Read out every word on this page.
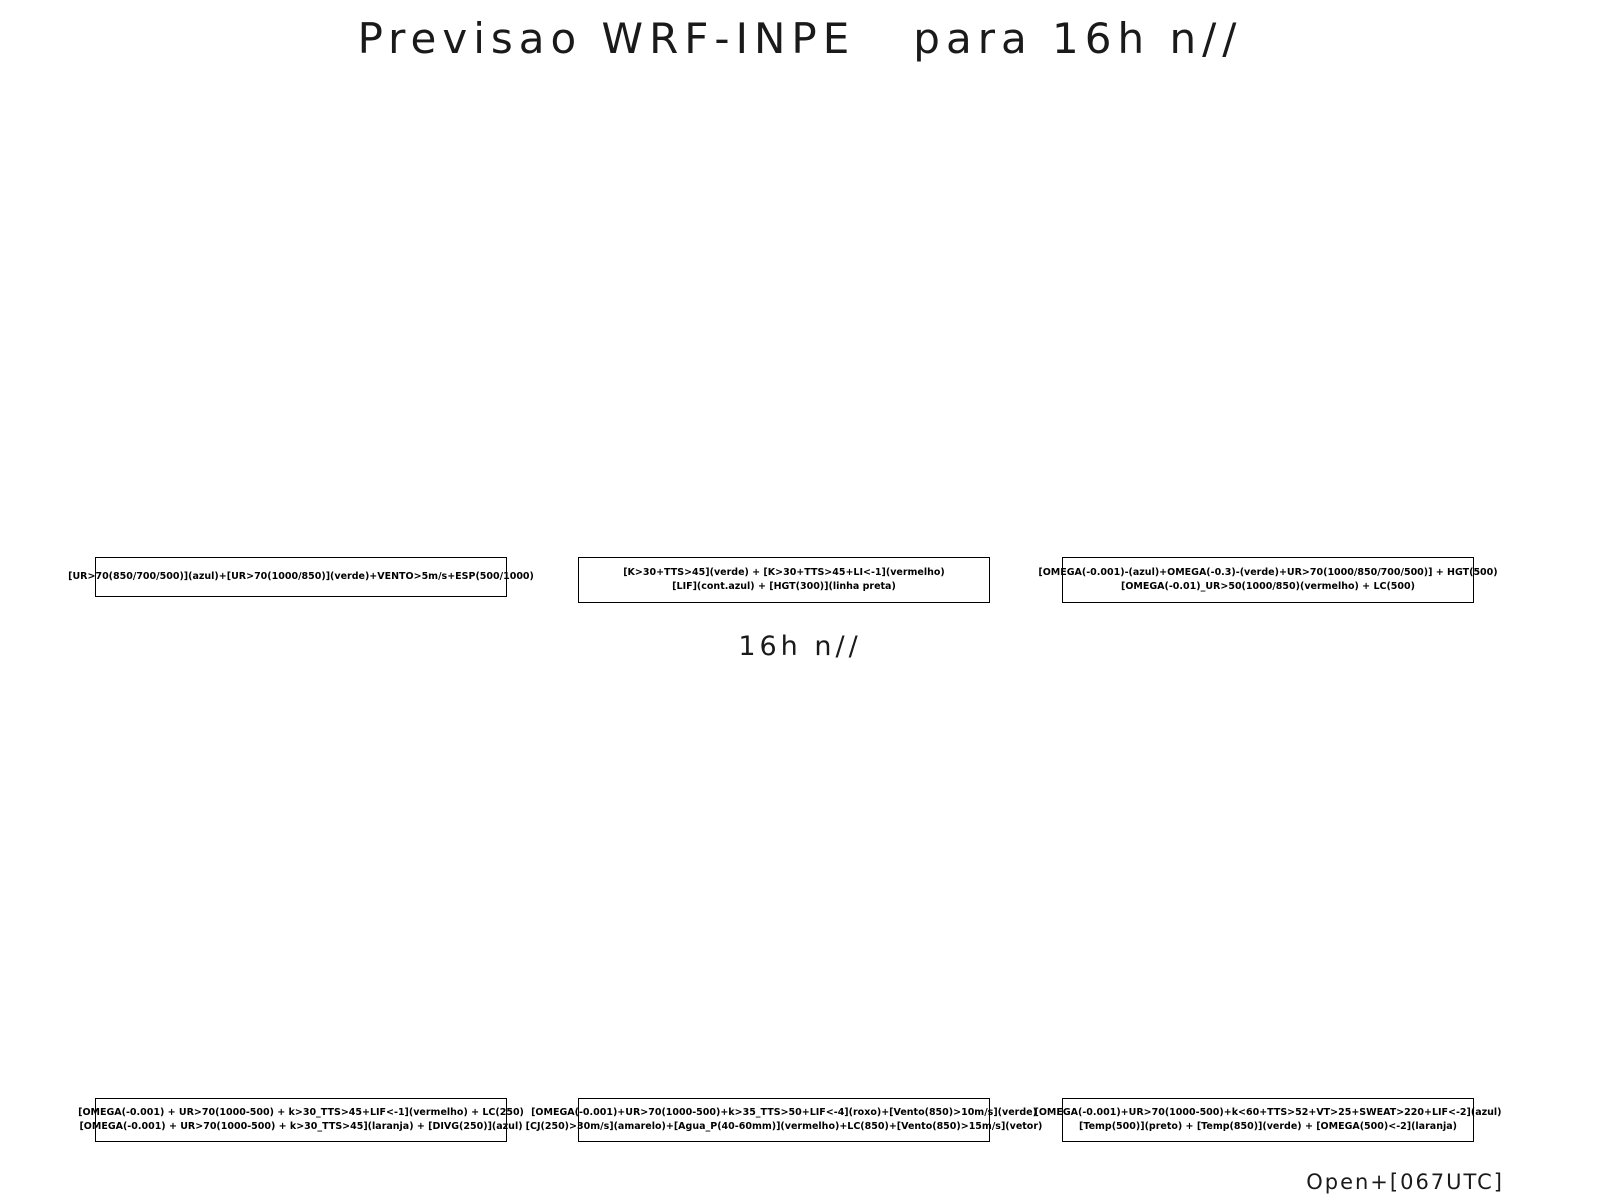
Previsao WRF-INPE   para 16h n//
[UR>70(850/700/500)](azul)+[UR>70(1000/850)](verde)+VENTO>5m/s+ESP(500/1000)	[K>30+TTS>45](verde) + [K>30+TTS>45+LI<-1](vermelho)
[LIF](cont.azul) + [HGT(300)](linha preta)
[OMEGA(-0.001)-(azul)+OMEGA(-0.3)-(verde)+UR>70(1000/850/700/500)] + HGT(500)
[OMEGA(-0.01)_UR>50(1000/850)(vermelho) + LC(500)
16h n//
[OMEGA(-0.001) + UR>70(1000-500) + k>30_TTS>45+LIF<-1](vermelho) + LC(250)
[OMEGA(-0.001) + UR>70(1000-500) + k>30_TTS>45](laranja) + [DIVG(250)](azul)
[OMEGA(-0.001)+UR>70(1000-500)+k>35_TTS>50+LIF<-4](roxo)+[Vento(850)>10m/s](verde)
[CJ(250)>30m/s](amarelo)+[Agua_P(40-60mm)](vermelho)+LC(850)+[Vento(850)>15m/s](vetor)
[OMEGA(-0.001)+UR>70(1000-500)+k<60+TTS>52+VT>25+SWEAT>220+LIF<-2](azul)
[Temp(500)](preto) + [Temp(850)](verde) + [OMEGA(500)<-2](laranja)
Open+[067UTC]
